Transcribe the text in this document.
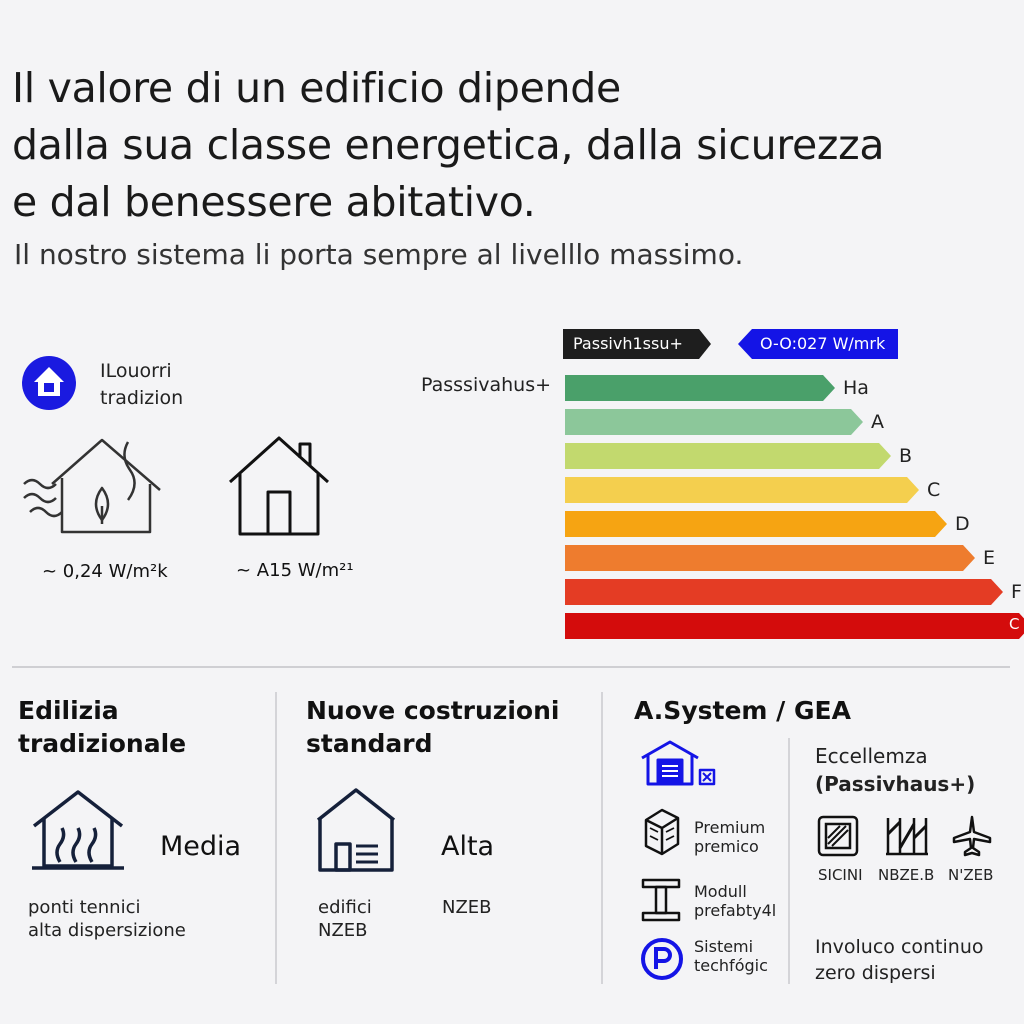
Il valore di un edificio dipende
dalla sua classe energetica, dalla sicurezza
e dal benessere abitativo.
Il nostro sistema li porta sempre al livelllo massimo.
ILouorri
tradizion
~ 0,24 W/m²k	~ A15 W/m²¹
Passivh1ssu+	O-O:027 W/mrk
Passsivahus+	Ha
A
B
C
D
E
F
C
Edilizia
tradizionale
Media
ponti tennici
alta dispersizione
Nuove costruzioni
standard
Alta
edifici
NZEB
NZEB
A.System / GEA
Premium
premico
Modull
prefabty4l
Sistemi
techfógic
Eccellemza
(Passivhaus+)
SICINI NBZE.B N'ZEB
Involuco continuo
zero dispersi
